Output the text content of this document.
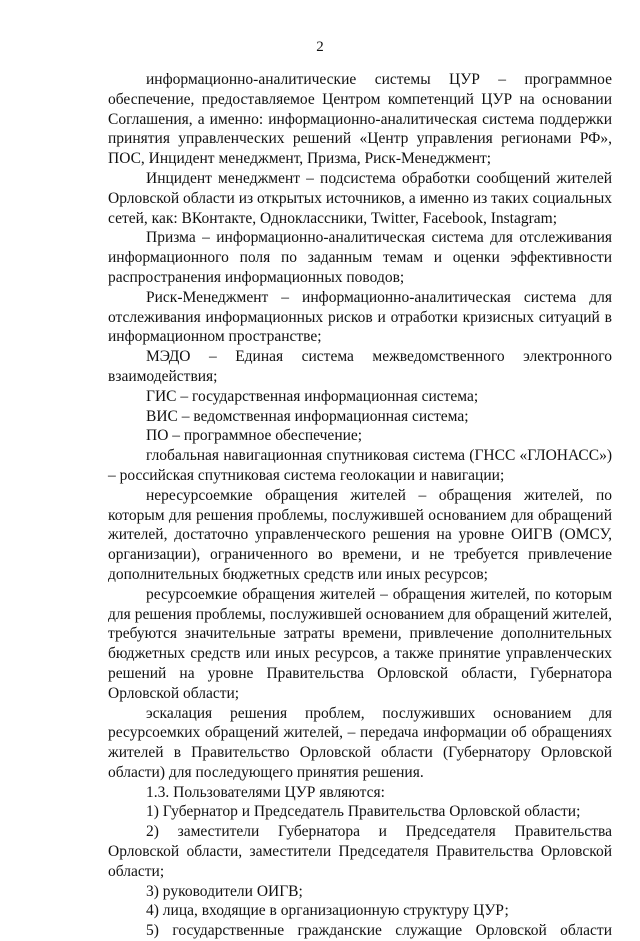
2

информационно-аналитические системы ЦУР – программное обеспечение, предоставляемое Центром компетенций ЦУР на основании Соглашения, а именно: информационно-аналитическая система поддержки принятия управленческих решений «Центр управления регионами РФ», ПОС, Инцидент менеджмент, Призма, Риск-Менеджмент;

Инцидент менеджмент – подсистема обработки сообщений жителей Орловской области из открытых источников, а именно из таких социальных сетей, как: ВКонтакте, Одноклассники, Twitter, Facebook, Instagram;

Призма – информационно-аналитическая система для отслеживания информационного поля по заданным темам и оценки эффективности распространения информационных поводов;

Риск-Менеджмент – информационно-аналитическая система для отслеживания информационных рисков и отработки кризисных ситуаций в информационном пространстве;

МЭДО – Единая система межведомственного электронного взаимодействия;

ГИС – государственная информационная система;

ВИС – ведомственная информационная система;

ПО – программное обеспечение;

глобальная навигационная спутниковая система (ГНСС «ГЛОНАСС») – российская спутниковая система геолокации и навигации;

нересурсоемкие обращения жителей – обращения жителей, по которым для решения проблемы, послужившей основанием для обращений жителей, достаточно управленческого решения на уровне ОИГВ (ОМСУ, организации), ограниченного во времени, и не требуется привлечение дополнительных бюджетных средств или иных ресурсов;

ресурсоемкие обращения жителей – обращения жителей, по которым для решения проблемы, послужившей основанием для обращений жителей, требуются значительные затраты времени, привлечение дополнительных бюджетных средств или иных ресурсов, а также принятие управленческих решений на уровне Правительства Орловской области, Губернатора Орловской области;

эскалация решения проблем, послуживших основанием для ресурсоемких обращений жителей, – передача информации об обращениях жителей в Правительство Орловской области (Губернатору Орловской области) для последующего принятия решения.

1.3. Пользователями ЦУР являются:

1) Губернатор и Председатель Правительства Орловской области;

2) заместители Губернатора и Председателя Правительства Орловской области, заместители Председателя Правительства Орловской области;

3) руководители ОИГВ;

4) лица, входящие в организационную структуру ЦУР;

5) государственные гражданские служащие Орловской области
